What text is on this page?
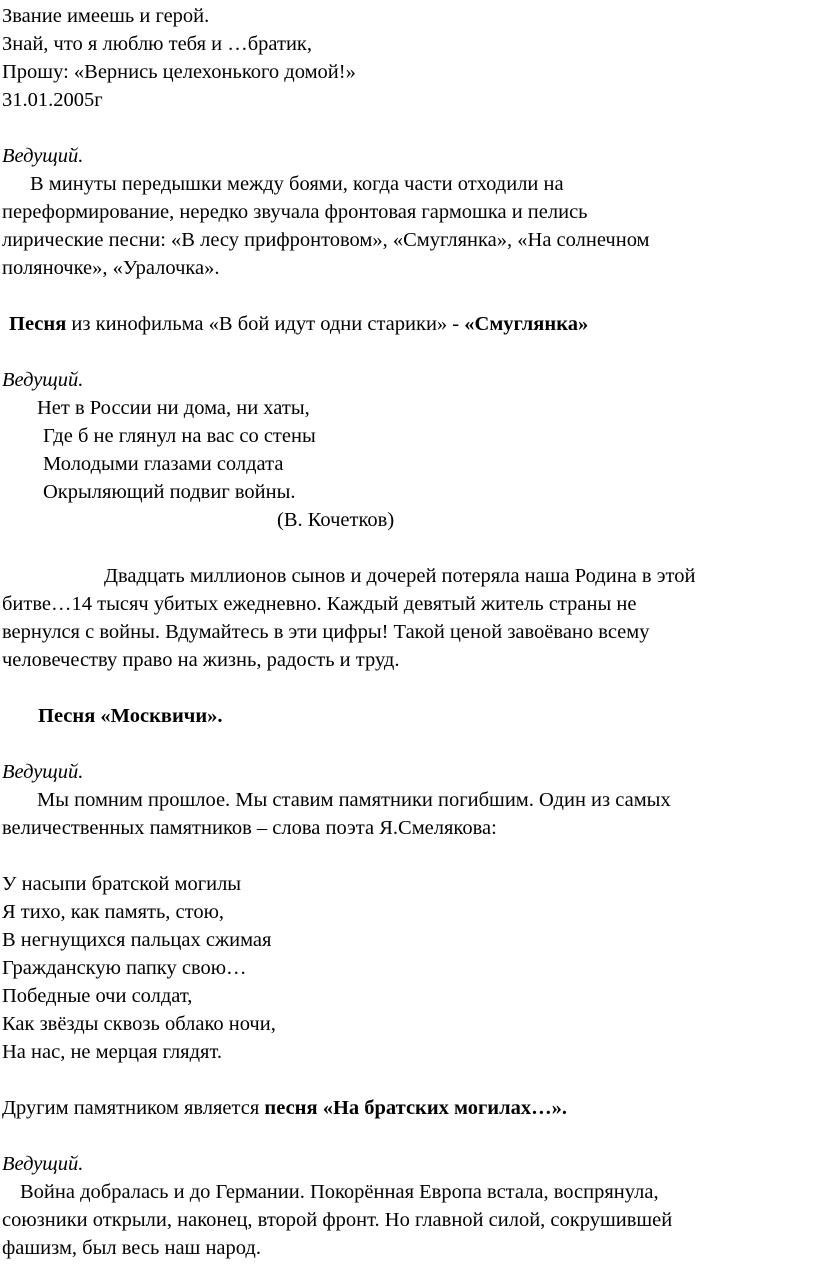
Звание имеешь и герой.
Знай, что я люблю тебя и …братик,
Прошу: «Вернись целехонького домой!»
31.01.2005г
Ведущий.
В минуты передышки между боями, когда части отходили на
переформирование, нередко звучала фронтовая гармошка и пелись
лирические песни: «В лесу прифронтовом», «Смуглянка», «На солнечном
поляночке», «Уралочка».
Песня из кинофильма «В бой идут одни старики» - «Смуглянка»
Ведущий.
Нет в России ни дома, ни хаты,
Где б не глянул на вас со стены
Молодыми глазами солдата
Окрыляющий подвиг войны.
(В. Кочетков)
Двадцать миллионов сынов и дочерей потеряла наша Родина в этой
битве…14 тысяч убитых ежедневно. Каждый девятый житель страны не
вернулся с войны. Вдумайтесь в эти цифры! Такой ценой завоёвано всему
человечеству право на жизнь, радость и труд.
Песня «Москвичи».
Ведущий.
Мы помним прошлое. Мы ставим памятники погибшим. Один из самых
величественных памятников – слова поэта Я.Смелякова:
У насыпи братской могилы
Я тихо, как память, стою,
В негнущихся пальцах сжимая
Гражданскую папку свою…
Победные очи солдат,
Как звёзды сквозь облако ночи,
На нас, не мерцая глядят.
Другим памятником является песня «На братских могилах…».
Ведущий.
Война добралась и до Германии. Покорённая Европа встала, воспрянула,
союзники открыли, наконец, второй фронт. Но главной силой, сокрушившей
фашизм, был весь наш народ.
